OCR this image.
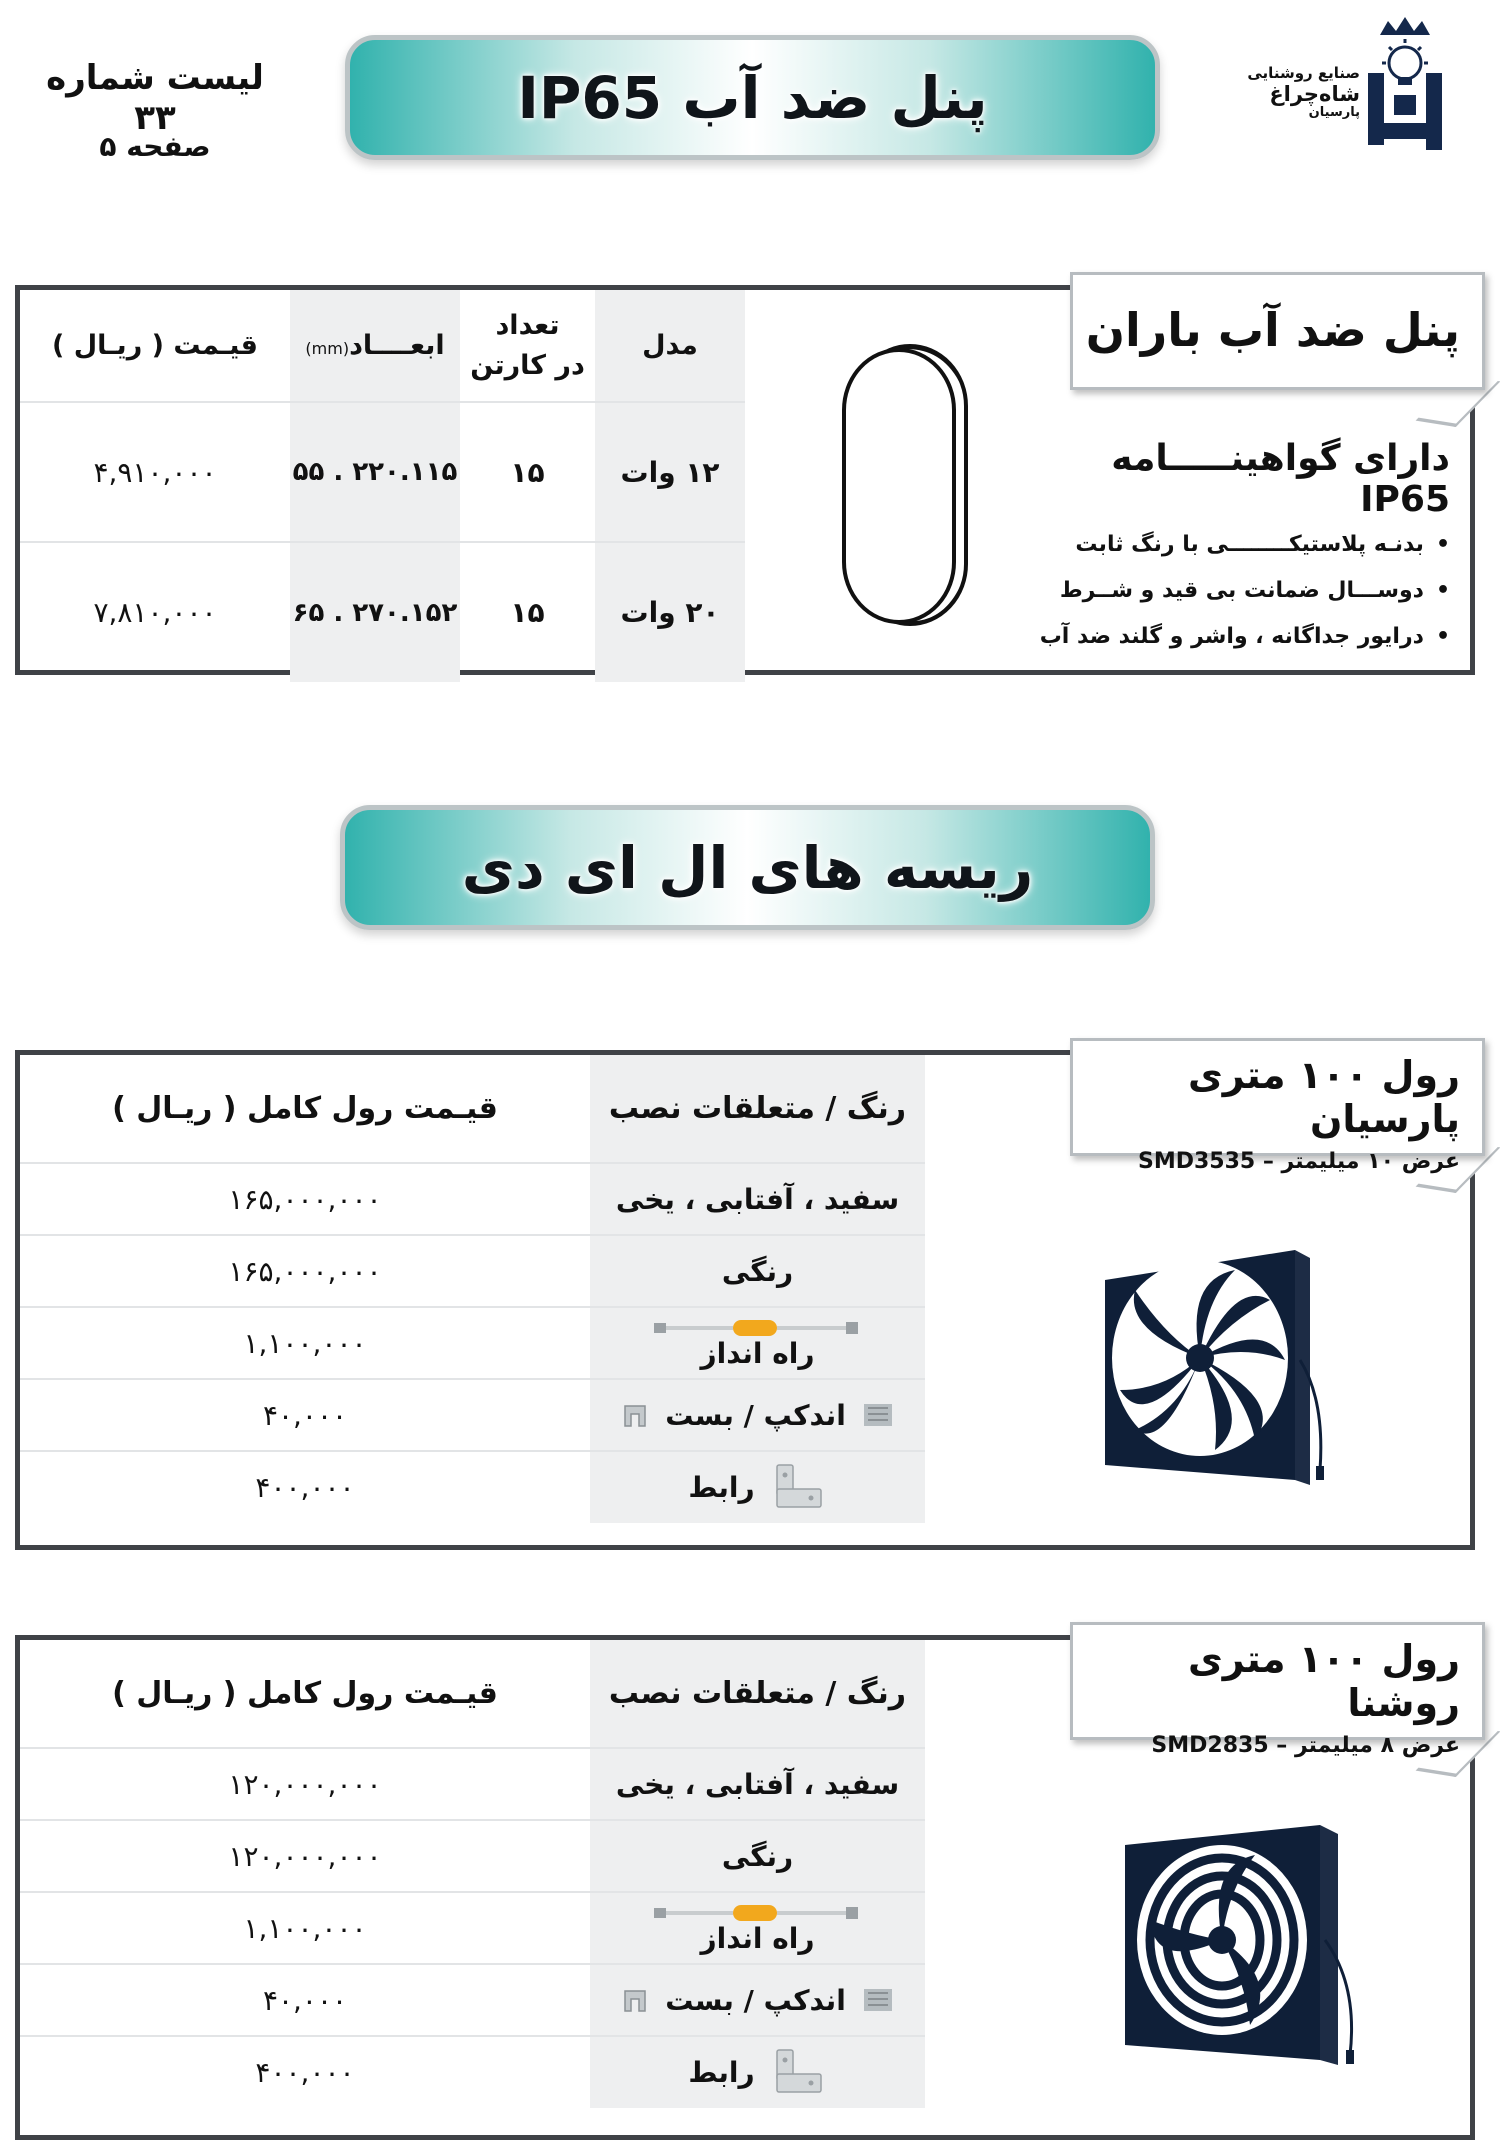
لیست شماره ۳۳
صفحه ۵
پنل ضد آب IP65	صنایع روشنایی
شاه‌چراغ
پارسیان
مدل	تعداد
در کارتن	ابعــــاد(mm)	قیـمت ( ریـال )
۱۲ وات	۱۵	۲۲۰.۱۱۵ . ۵۵	۴,۹۱۰,۰۰۰
۲۰ وات	۱۵	۲۷۰.۱۵۲ . ۶۵	۷,۸۱۰,۰۰۰
دارای گواهینـــــامه IP65
• بدنـه پلاستیکــــــــی با رنگ ثابت
• دوســـال ضمانت بی قید و شــرط
• درایور جداگانه ، واشر و گلند ضد آب
پنل ضد آب باران
ریسه های ال ای دی
رنگ / متعلقات نصب	قیـمت رول کامل ( ریـال )
سفید ، آفتابی ، یخی	۱۶۵,۰۰۰,۰۰۰
رنگی	۱۶۵,۰۰۰,۰۰۰

راه انداز	۱,۱۰۰,۰۰۰

اندکپ / بست	۴۰,۰۰۰

رابط	۴۰۰,۰۰۰
رول ۱۰۰ متری پارسیان
عرض ۱۰ میلیمتر – SMD3535
رنگ / متعلقات نصب	قیـمت رول کامل ( ریـال )
سفید ، آفتابی ، یخی	۱۲۰,۰۰۰,۰۰۰
رنگی	۱۲۰,۰۰۰,۰۰۰

راه انداز	۱,۱۰۰,۰۰۰

اندکپ / بست	۴۰,۰۰۰

رابط	۴۰۰,۰۰۰
رول ۱۰۰ متری روشنا
عرض ۸ میلیمتر – SMD2835
